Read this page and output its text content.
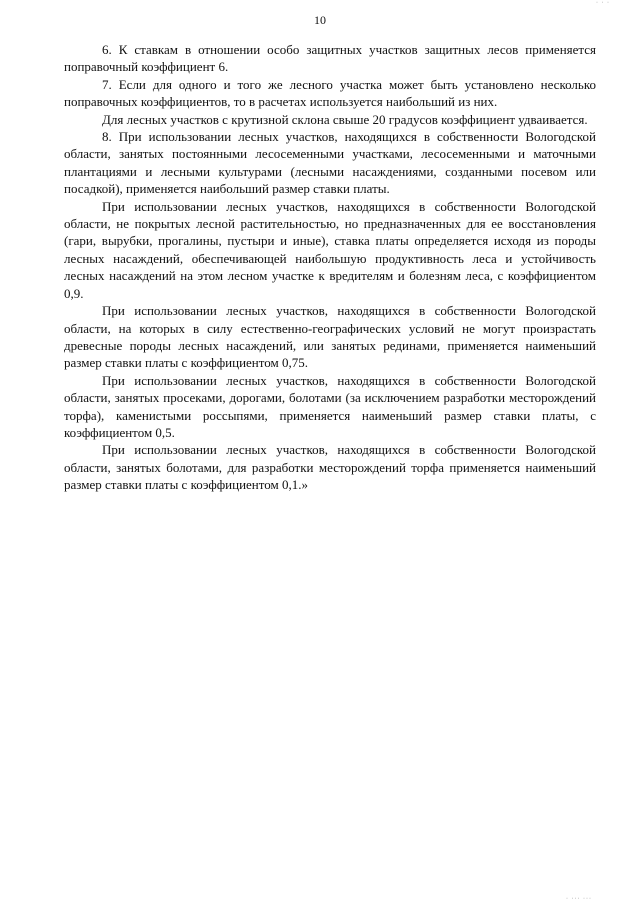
· · ·
10

6. К ставкам в отношении особо защитных участков защитных лесов применяется поправочный коэффициент 6.

7. Если для одного и того же лесного участка может быть установлено несколько поправочных коэффициентов, то в расчетах используется наибольший из них.

Для лесных участков с крутизной склона свыше 20 градусов коэффициент удваивается.

8. При использовании лесных участков, находящихся в собственности Вологодской области, занятых постоянными лесосеменными участками, лесосеменными и маточными плантациями и лесными культурами (лесными насаждениями, созданными посевом или посадкой), применяется наибольший размер ставки платы.

При использовании лесных участков, находящихся в собственности Вологодской области, не покрытых лесной растительностью, но предназначенных для ее восстановления (гари, вырубки, прогалины, пустыри и иные), ставка платы определяется исходя из породы лесных насаждений, обеспечивающей наибольшую продуктивность леса и устойчивость лесных насаждений на этом лесном участке к вредителям и болезням леса, с коэффициентом 0,9.

При использовании лесных участков, находящихся в собственности Вологодской области, на которых в силу естественно-географических условий не могут произрастать древесные породы лесных насаждений, или занятых рединами, применяется наименьший размер ставки платы с коэффициентом 0,75.

При использовании лесных участков, находящихся в собственности Вологодской области, занятых просеками, дорогами, болотами (за исключением разработки месторождений торфа), каменистыми россыпями, применяется наименьший размер ставки платы, с коэффициентом 0,5.

При использовании лесных участков, находящихся в собственности Вологодской области, занятых болотами, для разработки месторождений торфа применяется наименьший размер ставки платы с коэффициентом 0,1.»

· ··· ···
